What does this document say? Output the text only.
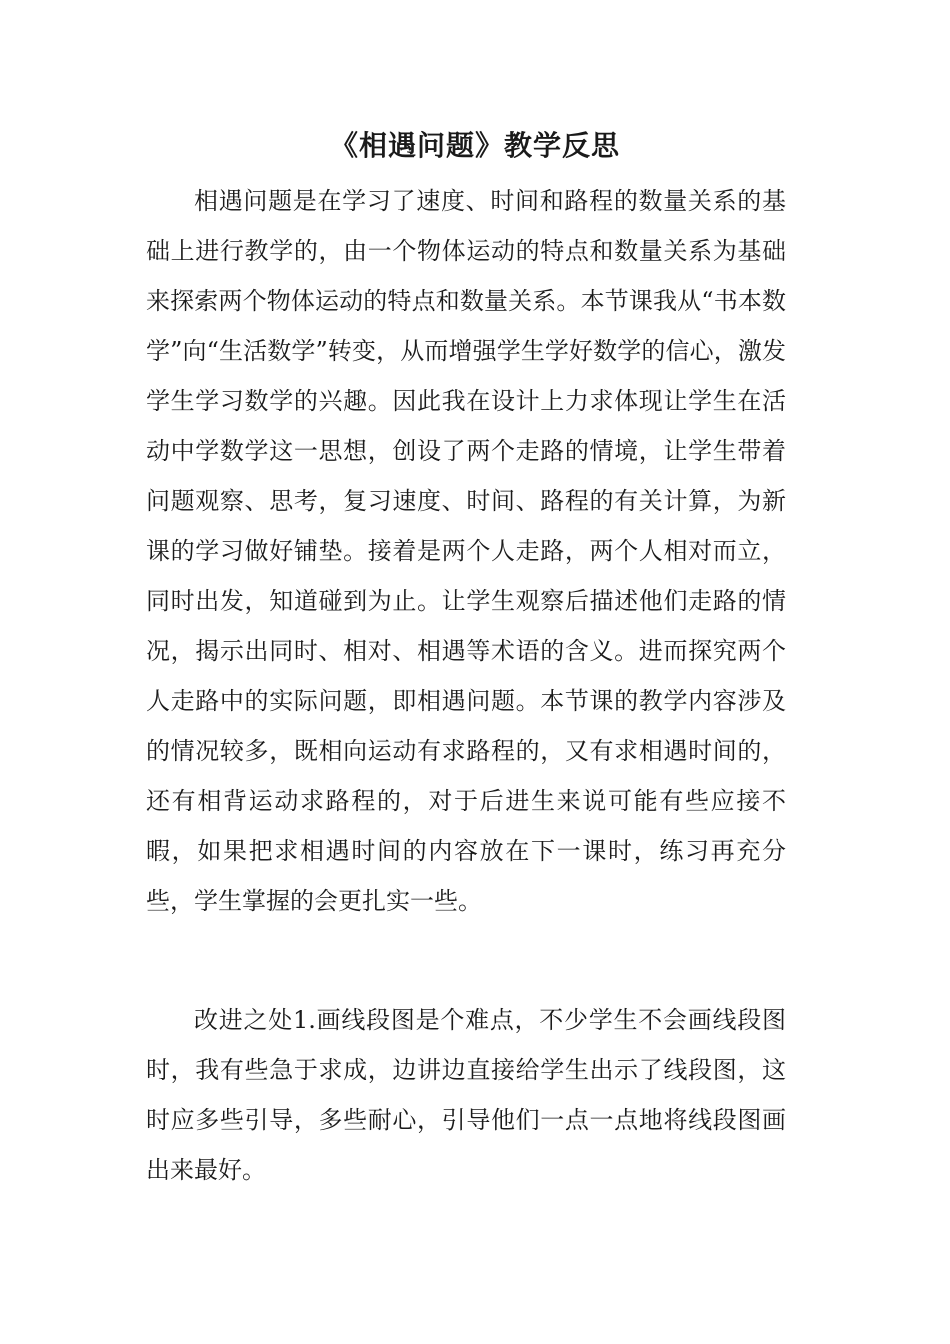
《相遇问题》教学反思

相遇问题是在学习了速度、时间和路程的数量关系的基础上进行教学的，由一个物体运动的特点和数量关系为基础来探索两个物体运动的特点和数量关系。本节课我从“书本数学”向“生活数学”转变，从而增强学生学好数学的信心，激发学生学习数学的兴趣。因此我在设计上力求体现让学生在活动中学数学这一思想，创设了两个走路的情境，让学生带着问题观察、思考，复习速度、时间、路程的有关计算，为新课的学习做好铺垫。接着是两个人走路，两个人相对而立，同时出发，知道碰到为止。让学生观察后描述他们走路的情况，揭示出同时、相对、相遇等术语的含义。进而探究两个人走路中的实际问题，即相遇问题。本节课的教学内容涉及的情况较多，既相向运动有求路程的，又有求相遇时间的，还有相背运动求路程的，对于后进生来说可能有些应接不暇，如果把求相遇时间的内容放在下一课时，练习再充分些，学生掌握的会更扎实一些。

改进之处1.画线段图是个难点，不少学生不会画线段图时，我有些急于求成，边讲边直接给学生出示了线段图，这时应多些引导，多些耐心，引导他们一点一点地将线段图画出来最好。
